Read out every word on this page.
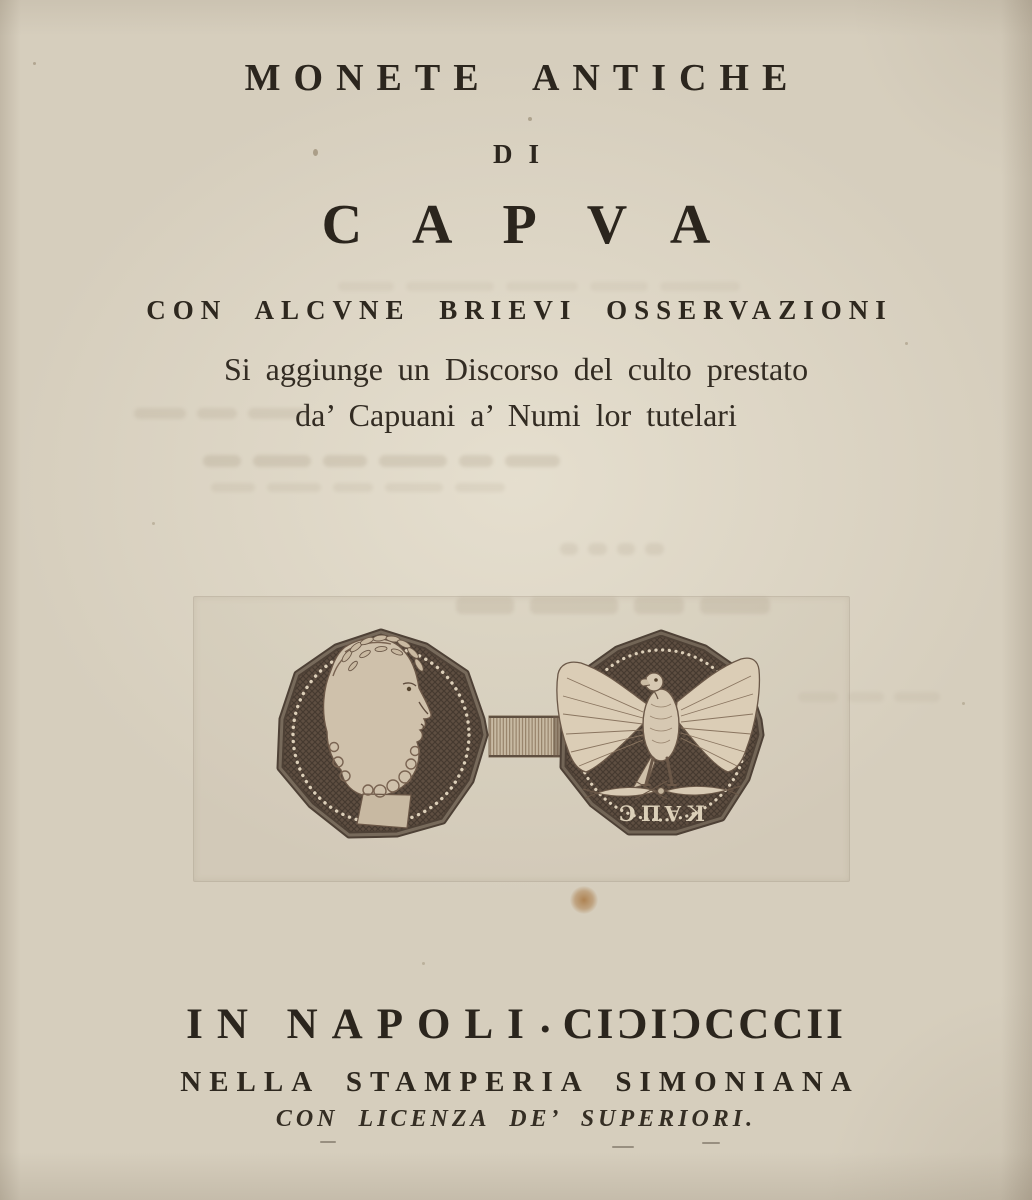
MONETE ANTICHE
DI
CAPVA
CON ALCVNE BRIEVI OSSERVAZIONI
Si aggiunge un Discorso del culto prestato
da’ Capuani a’ Numi lor tutelari
Ɔ Π A K
IN NAPOLI. CIƆIƆCCCII
NELLA STAMPERIA SIMONIANA
CON LICENZA DE’ SUPERIORI.
